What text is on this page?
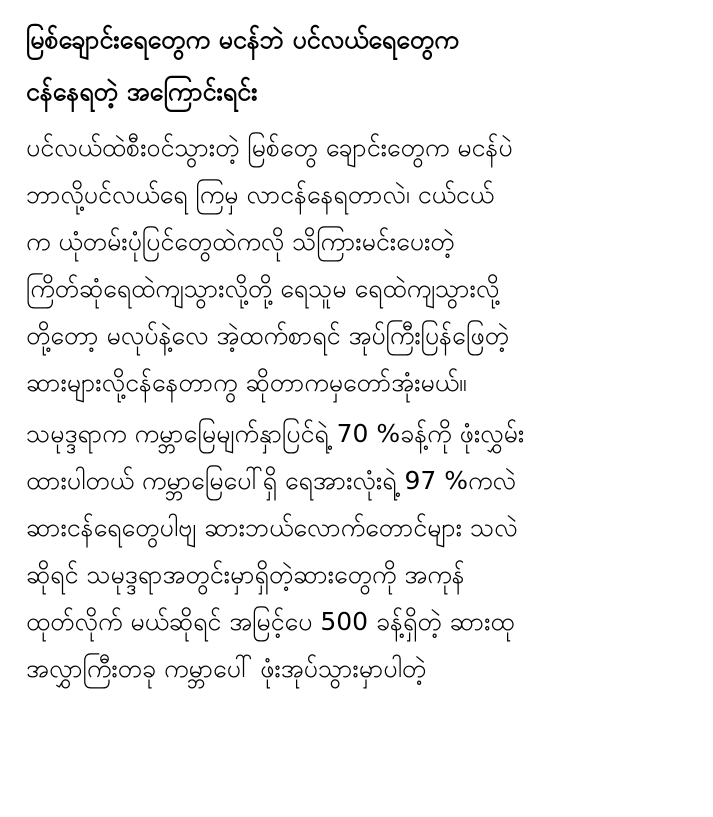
မြစ်ချောင်းရေတွေက မငန်ဘဲ ပင်လယ်ရေတွေက
ငန်နေရတဲ့ အကြောင်းရင်း
ပင်လယ်ထဲစီးဝင်သွားတဲ့ မြစ်တွေ ချောင်းတွေက မငန်ပဲ
ဘာလို့ပင်လယ်ရေ ကြမှ လာငန်နေရတာလဲ၊ ငယ်ငယ်
က ယုံတမ်းပုံပြင်တွေထဲကလို သိကြားမင်းပေးတဲ့
ကြိတ်ဆုံရေထဲကျသွားလို့တို့ ရေသူမ ရေထဲကျသွားလို့
တို့တော့ မလုပ်နဲ့လေ အဲ့ထက်စာရင် အုပ်ကြီးပြန်ဖြေတဲ့
ဆားများလို့ငန်နေတာကွ ဆိုတာကမှတော်အုံးမယ်။
သမုဒ္ဒရာက ကမ္ဘာမြေမျက်နှာပြင်ရဲ့ 70 %ခန့်ကို ဖုံးလွှမ်း
ထားပါတယ် ကမ္ဘာမြေပေါ်ရှိ ရေအားလုံးရဲ့ 97 %ကလဲ
ဆားငန်ရေတွေပါဗျ ဆားဘယ်လောက်တောင်များ သလဲ
ဆိုရင် သမုဒ္ဒရာအတွင်းမှာရှိတဲ့ဆားတွေကို အကုန်
ထုတ်လိုက် မယ်ဆိုရင် အမြင့်ပေ 500 ခန့်ရှိတဲ့ ဆားထု
အလွှာကြီးတခု ကမ္ဘာပေါ် ဖုံးအုပ်သွားမှာပါတဲ့
